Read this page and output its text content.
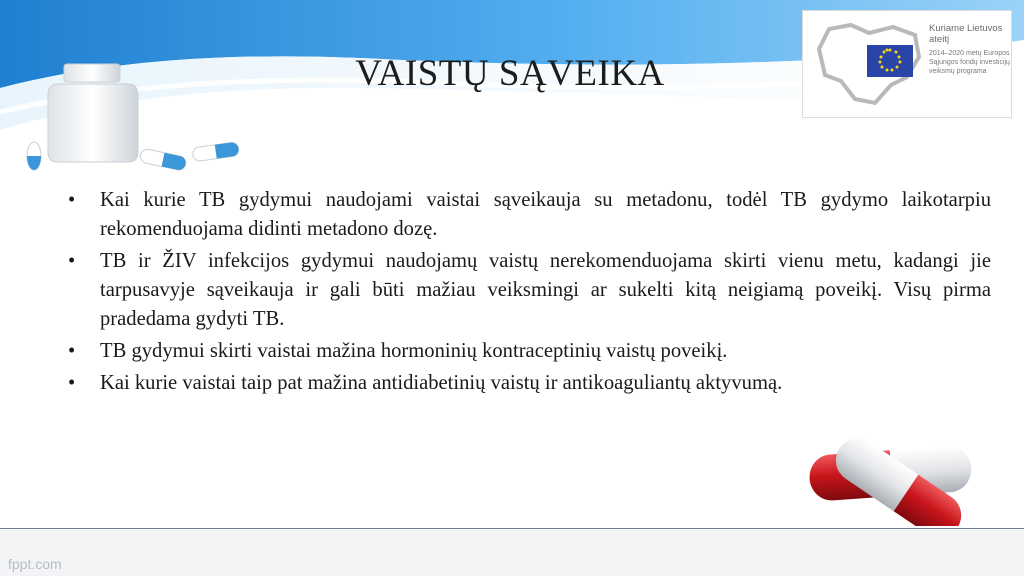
VAISTŲ SĄVEIKA
Kuriame Lietuvos ateitį
2014–2020 metų Europos Sąjungos fondų investicijų veiksmų programa
• Kai kurie TB gydymui naudojami vaistai sąveikauja su metadonu, todėl TB gydymo laikotarpiu rekomenduojama didinti metadono dozę.
• TB ir ŽIV infekcijos gydymui naudojamų vaistų nerekomenduojama skirti vienu metu, kadangi jie tarpusavyje sąveikauja ir gali būti mažiau veiksmingi ar sukelti kitą neigiamą poveikį. Visų pirma pradedama gydyti TB.
• TB gydymui skirti vaistai mažina hormoninių kontraceptinių vaistų poveikį.
• Kai kurie vaistai taip pat mažina antidiabetinių vaistų ir antikoaguliantų aktyvumą.
fppt.com
